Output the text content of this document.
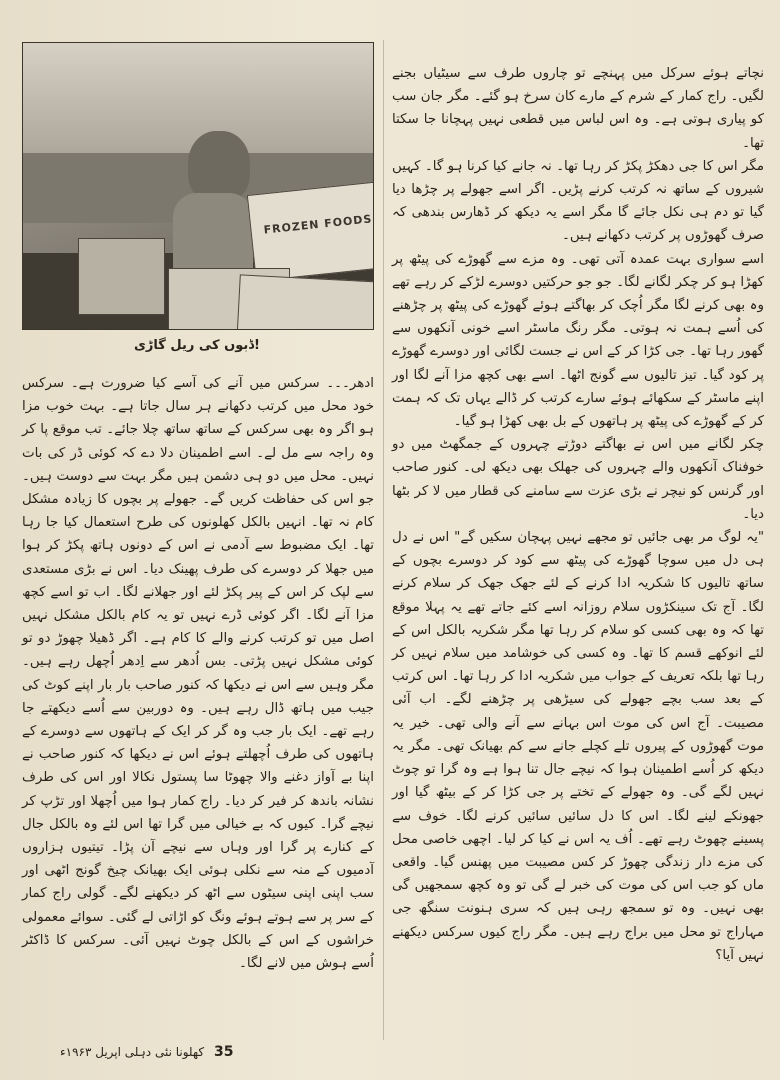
FROZEN FOODS
ڈبوں کی ریل گاڑی!

نچاتے ہوئے سرکل میں پہنچے تو چاروں طرف سے سیٹیاں بجنے لگیں۔ راج کمار کے شرم کے مارے کان سرخ ہو گئے۔ مگر جان سب کو پیاری ہوتی ہے۔ وہ اس لباس میں قطعی نہیں پہچانا جا سکتا تھا۔

مگر اس کا جی دھکڑ پکڑ کر رہا تھا۔ نہ جانے کیا کرنا ہو گا۔ کہیں شیروں کے ساتھ نہ کرتب کرنے پڑیں۔ اگر اسے جھولے پر چڑھا دیا گیا تو دم ہی نکل جائے گا مگر اسے یہ دیکھ کر ڈھارس بندھی کہ صرف گھوڑوں پر کرتب دکھانے ہیں۔

اسے سواری بہت عمدہ آتی تھی۔ وہ مزے سے گھوڑے کی پیٹھ پر کھڑا ہو کر چکر لگانے لگا۔ جو جو حرکتیں دوسرے لڑکے کر رہے تھے وہ بھی کرنے لگا مگر اُچک کر بھاگتے ہوئے گھوڑے کی پیٹھ پر چڑھنے کی اُسے ہمت نہ ہوتی۔ مگر رنگ ماسٹر اسے خونی آنکھوں سے گھور رہا تھا۔ جی کڑا کر کے اس نے جست لگائی اور دوسرے گھوڑے پر کود گیا۔ تیز تالیوں سے گونج اٹھا۔ اسے بھی کچھ مزا آنے لگا اور اپنے ماسٹر کے سکھائے ہوئے سارے کرتب کر ڈالے یہاں تک کہ ہمت کر کے گھوڑے کی پیٹھ پر ہاتھوں کے بل بھی کھڑا ہو گیا۔

چکر لگانے میں اس نے بھاگتے دوڑتے چہروں کے جمگھٹ میں دو خوفناک آنکھوں والے چہروں کی جھلک بھی دیکھ لی۔ کنور صاحب اور گرنس کو نیچر نے بڑی عزت سے سامنے کی قطار میں لا کر بٹھا دیا۔

"یہ لوگ مر بھی جائیں تو مجھے نہیں پہچان سکیں گے" اس نے دل ہی دل میں سوچا گھوڑے کی پیٹھ سے کود کر دوسرے بچوں کے ساتھ تالیوں کا شکریہ ادا کرنے کے لئے جھک جھک کر سلام کرنے لگا۔ آج تک سینکڑوں سلام روزانہ اسے کئے جاتے تھے یہ پہلا موقع تھا کہ وہ بھی کسی کو سلام کر رہا تھا مگر شکریہ بالکل اس کے لئے انوکھے قسم کا تھا۔ وہ کسی کی خوشامد میں سلام نہیں کر رہا تھا بلکہ تعریف کے جواب میں شکریہ ادا کر رہا تھا۔ اس کرتب کے بعد سب بچے جھولے کی سیڑھی پر چڑھنے لگے۔ اب آئی مصیبت۔ آج اس کی موت اس بہانے سے آنے والی تھی۔ خیر یہ موت گھوڑوں کے پیروں تلے کچلے جانے سے کم بھیانک تھی۔ مگر یہ دیکھ کر اُسے اطمینان ہوا کہ نیچے جال تنا ہوا ہے وہ گرا تو چوٹ نہیں لگے گی۔ وہ جھولے کے تختے پر جی کڑا کر کے بیٹھ گیا اور جھونکے لینے لگا۔ اس کا دل سائیں سائیں کرنے لگا۔ خوف سے پسینے چھوٹ رہے تھے۔ اُف یہ اس نے کیا کر لیا۔ اچھی خاصی محل کی مزے دار زندگی چھوڑ کر کس مصیبت میں پھنس گیا۔ واقعی ماں کو جب اس کی موت کی خبر لے گی تو وہ کچھ سمجھیں گی بھی نہیں۔ وہ تو سمجھ رہی ہیں کہ سری ہنونت سنگھ جی مہاراج تو محل میں براج رہے ہیں۔ مگر راج کیوں سرکس دیکھنے نہیں آیا؟

ادھر۔۔۔ سرکس میں آنے کی آسے کیا ضرورت ہے۔ سرکس خود محل میں کرتب دکھانے ہر سال جاتا ہے۔ بہت خوب مزا ہو اگر وہ بھی سرکس کے ساتھ ساتھ چلا جائے۔ تب موقع پا کر وہ راجہ سے مل لے۔ اسے اطمینان دلا دے کہ کوئی ڈر کی بات نہیں۔ محل میں دو ہی دشمن ہیں مگر بہت سے دوست ہیں۔ جو اس کی حفاظت کریں گے۔ جھولے پر بچوں کا زیادہ مشکل کام نہ تھا۔ انہیں بالکل کھلونوں کی طرح استعمال کیا جا رہا تھا۔ ایک مضبوط سے آدمی نے اس کے دونوں ہاتھ پکڑ کر ہوا میں جھلا کر دوسرے کی طرف پھینک دیا۔ اس نے بڑی مستعدی سے لپک کر اس کے پیر پکڑ لئے اور جھلانے لگا۔ اب تو اسے کچھ مزا آنے لگا۔ اگر کوئی ڈرے نہیں تو یہ کام بالکل مشکل نہیں اصل میں تو کرتب کرنے والے کا کام ہے۔ اگر ڈھیلا چھوڑ دو تو کوئی مشکل نہیں پڑتی۔ بس اُدھر سے اِدھر اُچھل رہے ہیں۔ مگر وہیں سے اس نے دیکھا کہ کنور صاحب بار بار اپنے کوٹ کی جیب میں ہاتھ ڈال رہے ہیں۔ وہ دوربین سے اُسے دیکھتے جا رہے تھے۔ ایک بار جب وہ گر کر ایک کے ہاتھوں سے دوسرے کے ہاتھوں کی طرف اُچھلتے ہوئے اس نے دیکھا کہ کنور صاحب نے اپنا بے آواز دغنے والا چھوٹا سا پستول نکالا اور اس کی طرف نشانہ باندھ کر فیر کر دیا۔ راج کمار ہوا میں اُچھلا اور تڑپ کر نیچے گرا۔ کیوں کہ بے خیالی میں گرا تھا اس لئے وہ بالکل جال کے کنارے پر گرا اور وہاں سے نیچے آن پڑا۔ تیتیوں ہزاروں آدمیوں کے منہ سے نکلی ہوئی ایک بھیانک چیخ گونج اٹھی اور سب اپنی اپنی سیٹوں سے اٹھ کر دیکھنے لگے۔ گولی راج کمار کے سر پر سے ہوتے ہوئے ونگ کو اڑاتی لے گئی۔ سوائے معمولی خراشوں کے اس کے بالکل چوٹ نہیں آئی۔ سرکس کا ڈاکٹر اُسے ہوش میں لانے لگا۔

35 کھلونا نئی دہلی اپریل ۱۹۶۳ء
